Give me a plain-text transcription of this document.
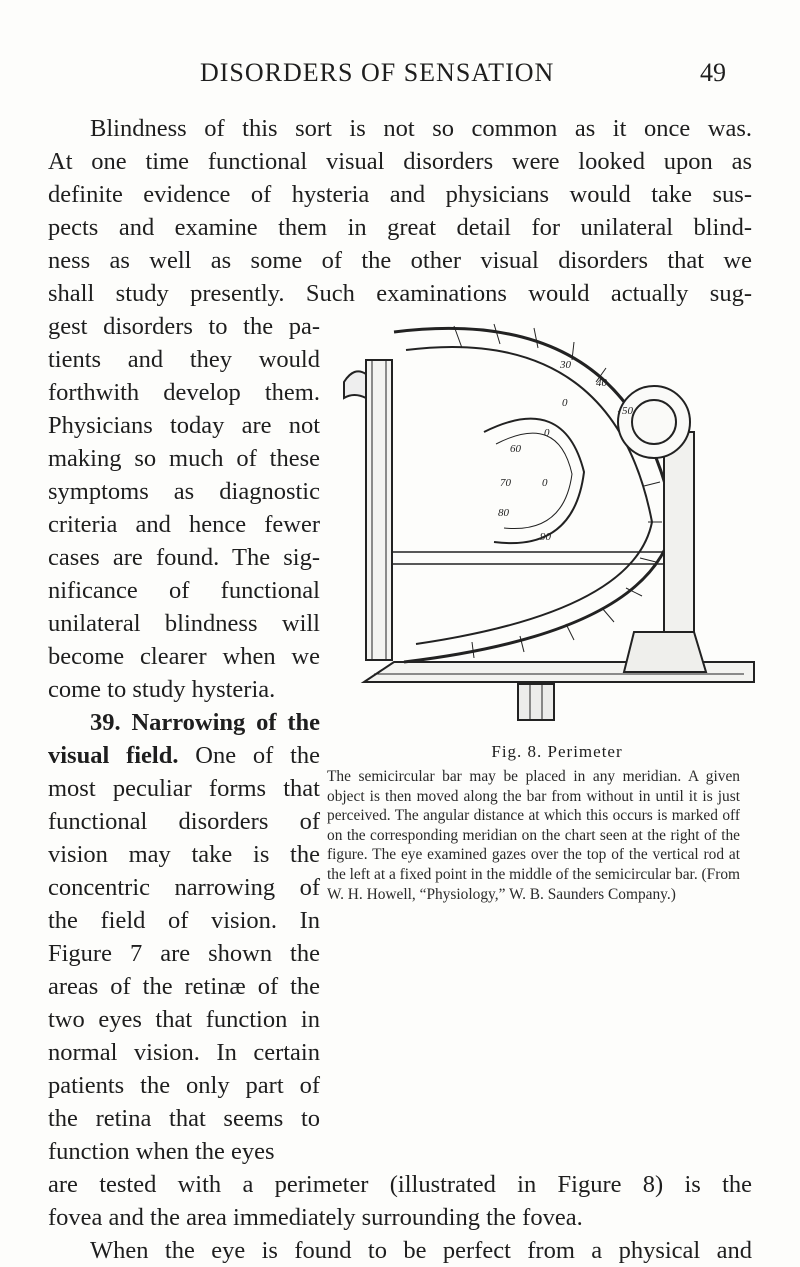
DISORDERS OF SENSATION	49
Blindness of this sort is not so common as it once was.
At one time functional visual disorders were looked upon as
definite evidence of hysteria and physicians would take sus-
pects and examine them in great detail for unilateral blind-
ness as well as some of the other visual disorders that we
shall study presently. Such examinations would actually sug-
gest disorders to the pa-
tients and they would
forthwith develop them.
Physicians today are not
making so much of these
symptoms as diagnostic
criteria and hence fewer
cases are found. The sig-
nificance of functional
unilateral blindness will
become clearer when we
come to study hysteria.
39. Narrowing of the
visual field. One of the
most peculiar forms that
functional disorders of
vision may take is the
concentric narrowing of
the field of vision. In
Figure 7 are shown the
areas of the retinæ of the
two eyes that function in
normal vision. In certain
patients the only part of
the retina that seems to
function when the eyes
are tested with a perimeter (illustrated in Figure 8) is the
fovea and the area immediately surrounding the fovea.
When the eye is found to be perfect from a physical and
30
40
50
60
70
80
90
0
0
0
Fig. 8. Perimeter
The semicircular bar may be placed in any meridian. A given object is then moved along the bar from without in until it is just perceived. The angular distance at which this occurs is marked off on the corresponding meridian on the chart seen at the right of the figure. The eye examined gazes over the top of the vertical rod at the left at a fixed point in the middle of the semicircular bar. (From W. H. Howell, “Physiology,” W. B. Saunders Company.)
